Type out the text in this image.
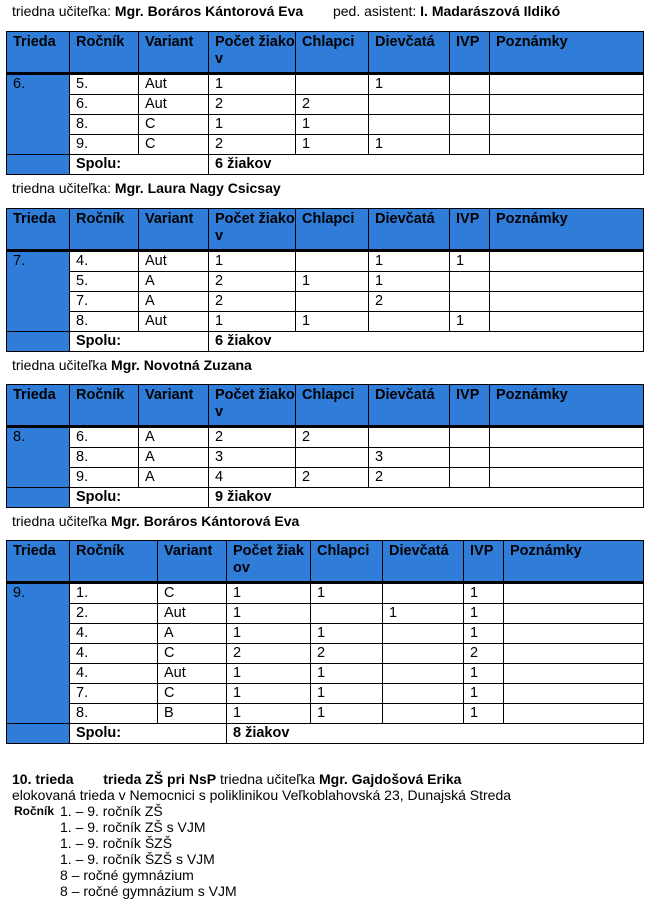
triedna učiteľka: Mgr. Boráros Kántorová Eva ped. asistent: I. Madarászová Ildikó
Trieda	Ročník	Variant	Počet žiakov	Chlapci	Dievčatá	IVP	Poznámky
6.	5.	Aut	1		1		
	6.	Aut	2	2			
	8.	C	1	1			
	9.	C	2	1	1		
	Spolu:		6 žiakov				
triedna učiteľka: Mgr. Laura Nagy Csicsay
Trieda	Ročník	Variant	Počet žiakov	Chlapci	Dievčatá	IVP	Poznámky
7.	4.	Aut	1		1	1	
	5.	A	2	1	1		
	7.	A	2		2		
	8.	Aut	1	1		1	
	Spolu:		6 žiakov				
triedna učiteľka Mgr. Novotná Zuzana
Trieda	Ročník	Variant	Počet žiakov	Chlapci	Dievčatá	IVP	Poznámky
8.	6.	A	2	2			
	8.	A	3		3		
	9.	A	4	2	2		
	Spolu:		9 žiakov				
triedna učiteľka Mgr. Boráros Kántorová Eva
Trieda	Ročník	Variant	Počet žiakov	Chlapci	Dievčatá	IVP	Poznámky
9.	1.	C	1	1		1	
	2.	Aut	1		1	1	
	4.	A	1	1		1	
	4.	C	2	2		2	
	4.	Aut	1	1		1	
	7.	C	1	1		1	
	8.	B	1	1		1	
	Spolu:		8 žiakov				
10. trieda trieda ZŠ pri NsP triedna učiteľka Mgr. Gajdošová Erika
elokovaná trieda v Nemocnici s poliklinikou Veľkoblahovská 23, Dunajská Streda
Ročník 1. – 9. ročník ZŠ
1. – 9. ročník ZŠ s VJM
1. – 9. ročník ŠZŠ
1. – 9. ročník ŠZŠ s VJM
8 – ročné gymnázium
8 – ročné gymnázium s VJM
